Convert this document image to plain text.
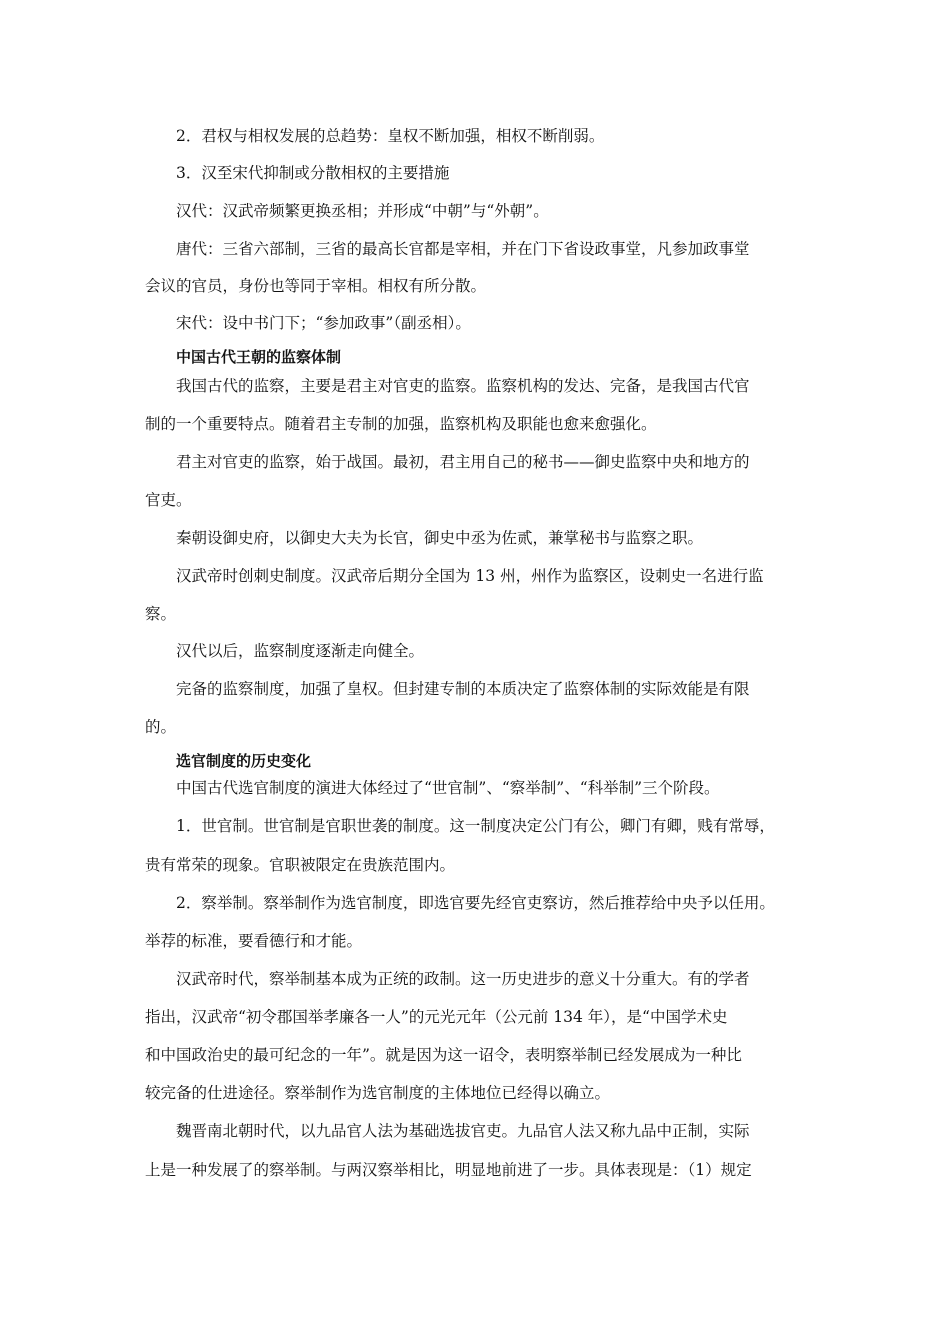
2．君权与相权发展的总趋势：皇权不断加强，相权不断削弱。
3．汉至宋代抑制或分散相权的主要措施
汉代：汉武帝频繁更换丞相；并形成“中朝”与“外朝”。
唐代：三省六部制，三省的最高长官都是宰相，并在门下省设政事堂，凡参加政事堂
会议的官员，身份也等同于宰相。相权有所分散。
宋代：设中书门下；“参加政事”（副丞相）。
中国古代王朝的监察体制
我国古代的监察，主要是君主对官吏的监察。监察机构的发达、完备，是我国古代官
制的一个重要特点。随着君主专制的加强，监察机构及职能也愈来愈强化。
君主对官吏的监察，始于战国。最初，君主用自己的秘书——御史监察中央和地方的
官吏。
秦朝设御史府，以御史大夫为长官，御史中丞为佐贰，兼掌秘书与监察之职。
汉武帝时创刺史制度。汉武帝后期分全国为 13 州，州作为监察区，设刺史一名进行监
察。
汉代以后，监察制度逐渐走向健全。
完备的监察制度，加强了皇权。但封建专制的本质决定了监察体制的实际效能是有限
的。
选官制度的历史变化
中国古代选官制度的演进大体经过了“世官制”、“察举制”、“科举制”三个阶段。
1．世官制。世官制是官职世袭的制度。这一制度决定公门有公，卿门有卿，贱有常辱，
贵有常荣的现象。官职被限定在贵族范围内。
2．察举制。察举制作为选官制度，即选官要先经官吏察访，然后推荐给中央予以任用。
举荐的标准，要看德行和才能。
汉武帝时代，察举制基本成为正统的政制。这一历史进步的意义十分重大。有的学者
指出，汉武帝“初令郡国举孝廉各一人”的元光元年（公元前 134 年），是“中国学术史
和中国政治史的最可纪念的一年”。就是因为这一诏令，表明察举制已经发展成为一种比
较完备的仕进途径。察举制作为选官制度的主体地位已经得以确立。
魏晋南北朝时代，以九品官人法为基础选拔官吏。九品官人法又称九品中正制，实际
上是一种发展了的察举制。与两汉察举相比，明显地前进了一步。具体表现是：（1）规定
